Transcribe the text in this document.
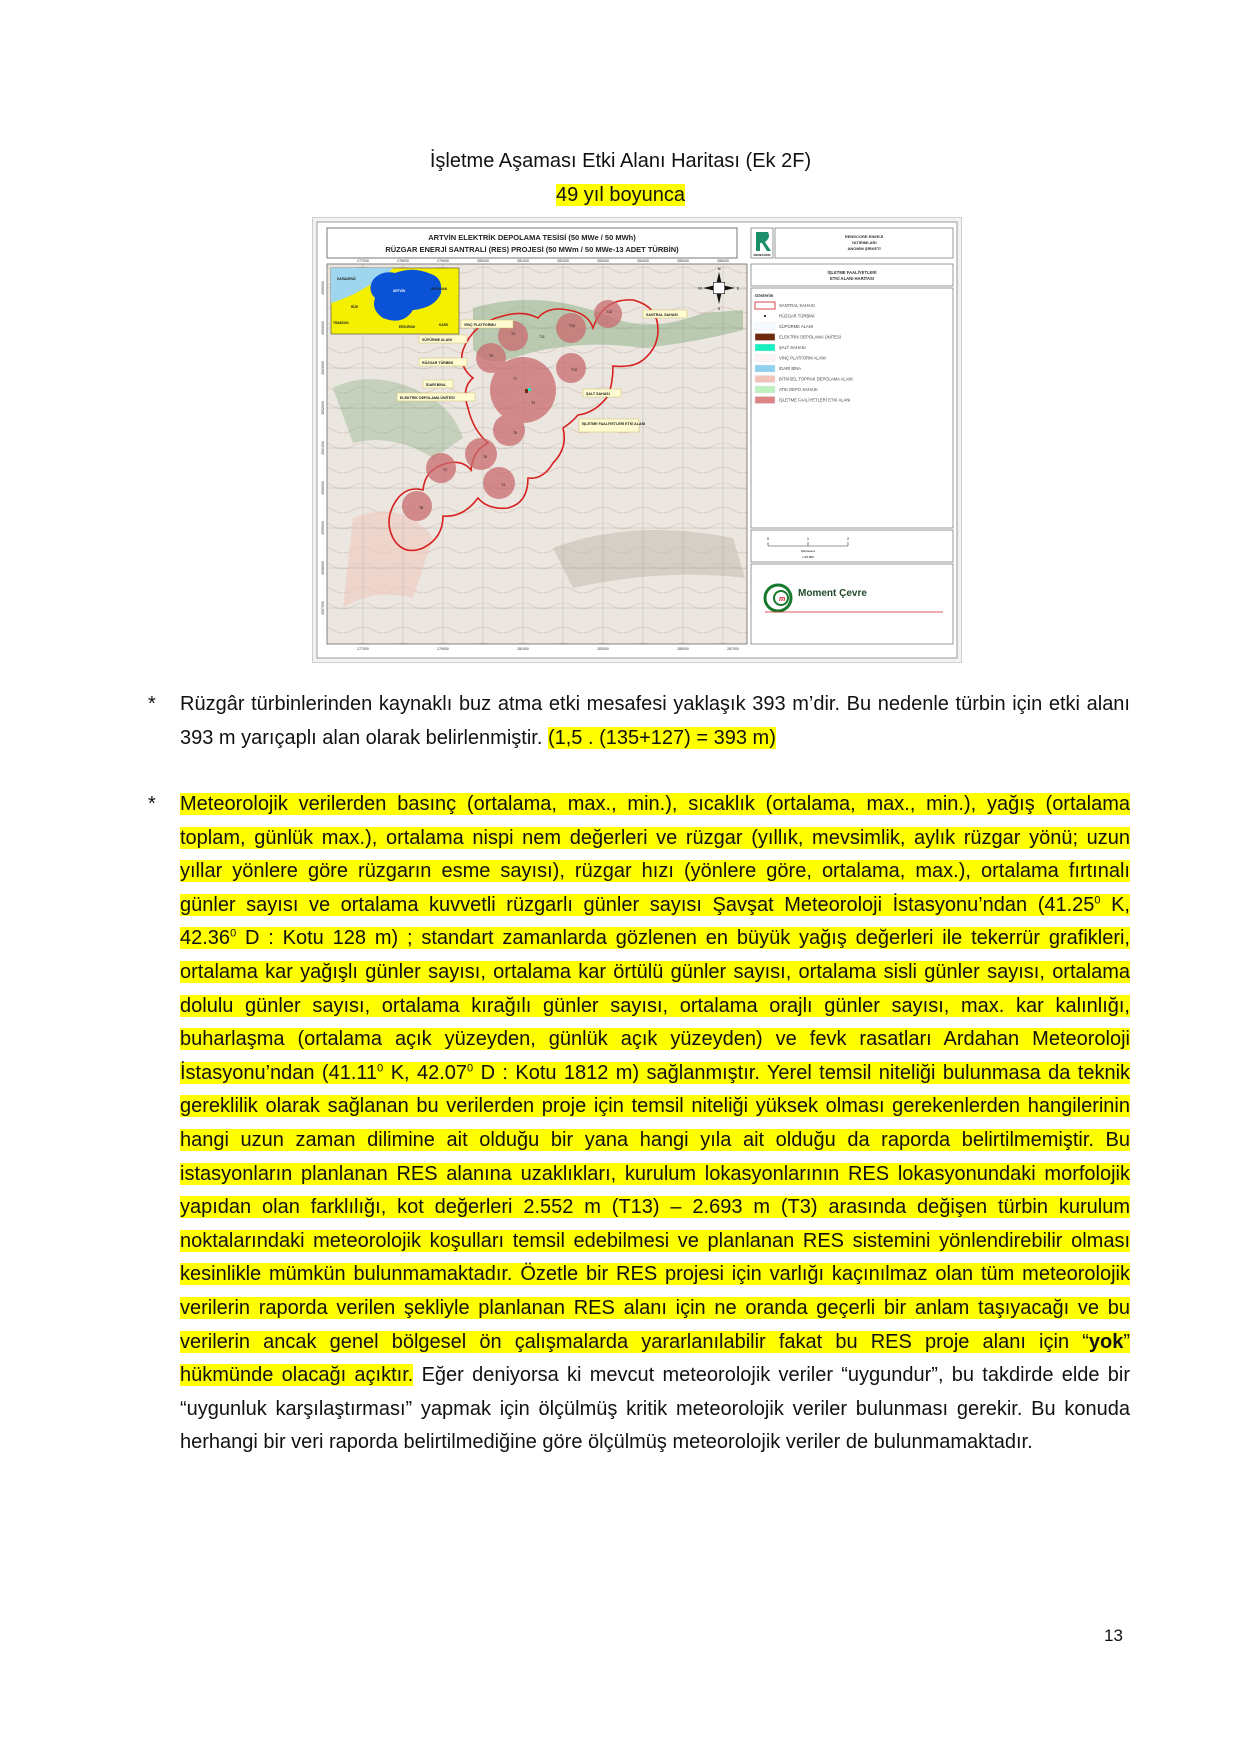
İşletme Aşaması Etki Alanı Haritası (Ek 2F)
49 yıl boyunca
ARTVİN ELEKTRİK DEPOLAMA TESİSİ (50 MWe / 50 MWh)
RÜZGAR ENERJİ SANTRALİ (RES) PROJESİ (50 MWm / 50 MWe-13 ADET TÜRBİN)
277000	278000	279000	280000	281000	282000	283000	284000	285000	286000
277000	279000	281000	283000	285000	287000
4565000
4564000
4563000
4562000
4561000
4560000
4559000
4558000
4557000
KARADENİZ
ARTVİN	ARDAHAN
RİZE
TRABZON
ERZURUM	KARS
T1
T9
T12
T13
T10
T7
T3
T5
T6
T2
T4
T8
T11
VİNÇ PLATFORMU
SÜPÜRME ALANI
RÜZGAR TÜRBİNİ
İDARİ BİNA
ELEKTRİK DEPOLAMA ÜNİTESİ
ŞALT SAHASI
İŞLETME FAALİYETLERİ ETKİ ALANI
SANTRAL SAHASI
N
E
S
W
RENECORE
RENECORE ENERJİ
YATIRIMLARI
ANONİM ŞİRKETİ
İŞLETME FAALİYETLERİ
ETKİ ALANI HARİTASI
Gösterim
SANTRAL SAHASI
RÜZGAR TÜRBİNİ
SÜPÜRME ALANI
ELEKTRİK DEPOLAMA ÜNİTESİ
ŞALT SAHASI
VİNÇ PLATFORM ALANI
İDARİ BİNA
BİTKİSEL TOPRAK DEPOLAMA ALANI
ATIK DEPO SAHASI
İŞLETME FAALİYETLERİ ETKİ ALANI
0	1	2
Kilometers
1:25.000
m
Moment Çevre
* Rüzgâr türbinlerinden kaynaklı buz atma etki mesafesi yaklaşık 393 m’dir. Bu nedenle türbin için etki alanı 393 m yarıçaplı alan olarak belirlenmiştir. (1,5 . (135+127) = 393 m)
* Meteorolojik verilerden basınç (ortalama, max., min.), sıcaklık (ortalama, max., min.), yağış (ortalama toplam, günlük max.), ortalama nispi nem değerleri ve rüzgar (yıllık, mevsimlik, aylık rüzgar yönü; uzun yıllar yönlere göre rüzgarın esme sayısı), rüzgar hızı (yönlere göre, ortalama, max.), ortalama fırtınalı günler sayısı ve ortalama kuvvetli rüzgarlı günler sayısı Şavşat Meteoroloji İstasyonu’ndan (41.25$^0$ K, 42.36$^0$ D : Kotu 128 m) ; standart zamanlarda gözlenen en büyük yağış değerleri ile tekerrür grafikleri, ortalama kar yağışlı günler sayısı, ortalama kar örtülü günler sayısı, ortalama sisli günler sayısı, ortalama dolulu günler sayısı, ortalama kırağılı günler sayısı, ortalama orajlı günler sayısı, max. kar kalınlığı, buharlaşma (ortalama açık yüzeyden, günlük açık yüzeyden) ve fevk rasatları Ardahan Meteoroloji İstasyonu’ndan (41.11$^0$ K, 42.07$^0$ D : Kotu 1812 m) sağlanmıştır. Yerel temsil niteliği bulunmasa da teknik gereklilik olarak sağlanan bu verilerden proje için temsil niteliği yüksek olması gerekenlerden hangilerinin hangi uzun zaman dilimine ait olduğu bir yana hangi yıla ait olduğu da raporda belirtilmemiştir. Bu istasyonların planlanan RES alanına uzaklıkları, kurulum lokasyonlarının RES lokasyonundaki morfolojik yapıdan olan farklılığı, kot değerleri 2.552 m (T13) – 2.693 m (T3) arasında değişen türbin kurulum noktalarındaki meteorolojik koşulları temsil edebilmesi ve planlanan RES sistemini yönlendirebilir olması kesinlikle mümkün bulunmamaktadır. Özetle bir RES projesi için varlığı kaçınılmaz olan tüm meteorolojik verilerin raporda verilen şekliyle planlanan RES alanı için ne oranda geçerli bir anlam taşıyacağı ve bu verilerin ancak genel bölgesel ön çalışmalarda yararlanılabilir fakat bu RES proje alanı için “yok” hükmünde olacağı açıktır. Eğer deniyorsa ki mevcut meteorolojik veriler “uygundur”, bu takdirde elde bir “uygunluk karşılaştırması” yapmak için ölçülmüş kritik meteorolojik veriler bulunması gerekir. Bu konuda herhangi bir veri raporda belirtilmediğine göre ölçülmüş meteorolojik veriler de bulunmamaktadır.
13
